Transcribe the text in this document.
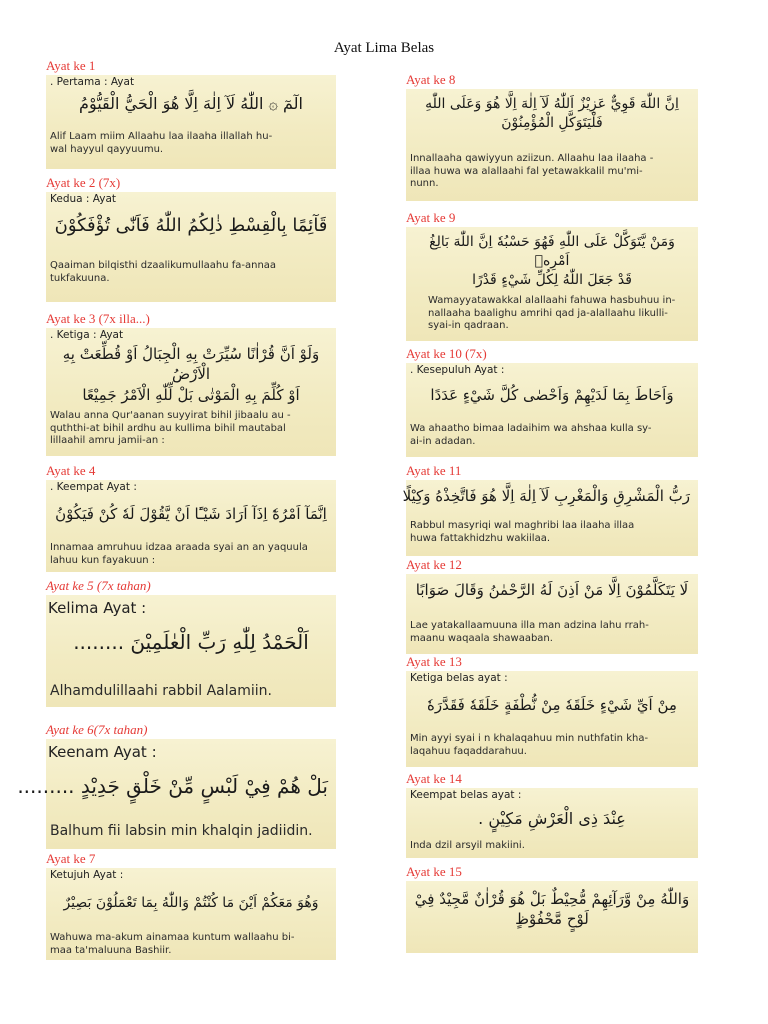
Ayat Lima Belas
Ayat ke 1
. Pertama : Ayat
الٓمٓ ۞ اللّٰهُ لَآ اِلٰهَ اِلَّا هُوَ الْحَيُّ الْقَيُّوْمُ
Alif Laam miim Allaahu laa ilaaha illallah hu-
wal hayyul qayyuumu.
Ayat ke 2 (7x)
Kedua : Ayat
قَآئِمًا بِالْقِسْطِ ذٰلِكُمُ اللّٰهُ فَاَنّٰى تُؤْفَكُوْنَ
Qaaiman bilqisthi dzaalikumullaahu fa-annaa
tukfakuuna.
Ayat ke 3 (7x illa...)
. Ketiga : Ayat
وَلَوْ اَنَّ قُرْاٰنًا سُيِّرَتْ بِهِ الْجِبَالُ اَوْ قُطِّعَتْ بِهِ الْاَرْضُ
اَوْ كُلِّمَ بِهِ الْمَوْتٰى بَلْ لِّلّٰهِ الْاَمْرُ جَمِيْعًا
Walau anna Qur'aanan suyyirat bihil jibaalu au -
quththi-at bihil ardhu au kullima bihil mautabal
lillaahil amru jamii-an :
Ayat ke 4
. Keempat Ayat :
اِنَّمَآ اَمْرُهٗٓ اِذَآ اَرَادَ شَيْـًٔا اَنْ يَّقُوْلَ لَهٗ كُنْ فَيَكُوْنُ
Innamaa amruhuu idzaa araada syai an an yaquula
lahuu kun fayakuun :
Ayat ke 5 (7x tahan)
Kelima Ayat :
اَلْحَمْدُ لِلّٰهِ رَبِّ الْعٰلَمِيْنَ ........
Alhamdulillaahi rabbil Aalamiin.
Ayat ke 6(7x tahan)
Keenam Ayat :
بَلْ هُمْ فِيْ لَبْسٍ مِّنْ خَلْقٍ جَدِيْدٍ .........
Balhum fii labsin min khalqin jadiidin.
Ayat ke 7
Ketujuh Ayat :
وَهُوَ مَعَكُمْ اَيْنَ مَا كُنْتُمْ وَاللّٰهُ بِمَا تَعْمَلُوْنَ بَصِيْرٌ
Wahuwa ma-akum ainamaa kuntum wallaahu bi-
maa ta'maluuna Bashiir.
Ayat ke 8
اِنَّ اللّٰهَ قَوِيٌّ عَزِيْزٌ اَللّٰهُ لَآ اِلٰهَ اِلَّا هُوَ وَعَلَى اللّٰهِ
فَلْيَتَوَكَّلِ الْمُؤْمِنُوْنَ
Innallaaha qawiyyun aziizun. Allaahu laa ilaaha -
illaa huwa wa alallaahi fal yetawakkalil mu'mi-
nunn.
Ayat ke 9
وَمَنْ يَّتَوَكَّلْ عَلَى اللّٰهِ فَهُوَ حَسْبُهٗ اِنَّ اللّٰهَ بَالِغُ اَمْرِهٖ
قَدْ جَعَلَ اللّٰهُ لِكُلِّ شَيْءٍ قَدْرًا
Wamayyatawakkal alallaahi fahuwa hasbuhuu in-
nallaaha baalighu amrihi qad ja-alallaahu likulli-
syai-in qadraan.
Ayat ke 10 (7x)
. Kesepuluh Ayat :
وَاَحَاطَ بِمَا لَدَيْهِمْ وَاَحْصٰى كُلَّ شَيْءٍ عَدَدًا
Wa ahaatho bimaa ladaihim wa ahshaa kulla sy-
ai-in adadan.
Ayat ke 11
رَبُّ الْمَشْرِقِ وَالْمَغْرِبِ لَآ اِلٰهَ اِلَّا هُوَ فَاتَّخِذْهُ وَكِيْلًا
Rabbul masyriqi wal maghribi laa ilaaha illaa
huwa fattakhidzhu wakiilaa.
Ayat ke 12
لَا يَتَكَلَّمُوْنَ اِلَّا مَنْ اَذِنَ لَهُ الرَّحْمٰنُ وَقَالَ صَوَابًا
Lae yatakallaamuuna illa man adzina lahu rrah-
maanu waqaala shawaaban.
Ayat ke 13
Ketiga belas ayat :
مِنْ اَيِّ شَيْءٍ خَلَقَهٗ مِنْ نُّطْفَةٍ خَلَقَهٗ فَقَدَّرَهٗ
Min ayyi syai i n khalaqahuu min nuthfatin kha-
laqahuu faqaddarahuu.
Ayat ke 14
Keempat belas ayat :
عِنْدَ ذِى الْعَرْشِ مَكِيْنٍ .
Inda dzil arsyil makiini.
Ayat ke 15
وَاللّٰهُ مِنْ وَّرَآئِهِمْ مُّحِيْطٌ بَلْ هُوَ قُرْاٰنٌ مَّجِيْدٌ فِيْ
لَوْحٍ مَّحْفُوْظٍ
